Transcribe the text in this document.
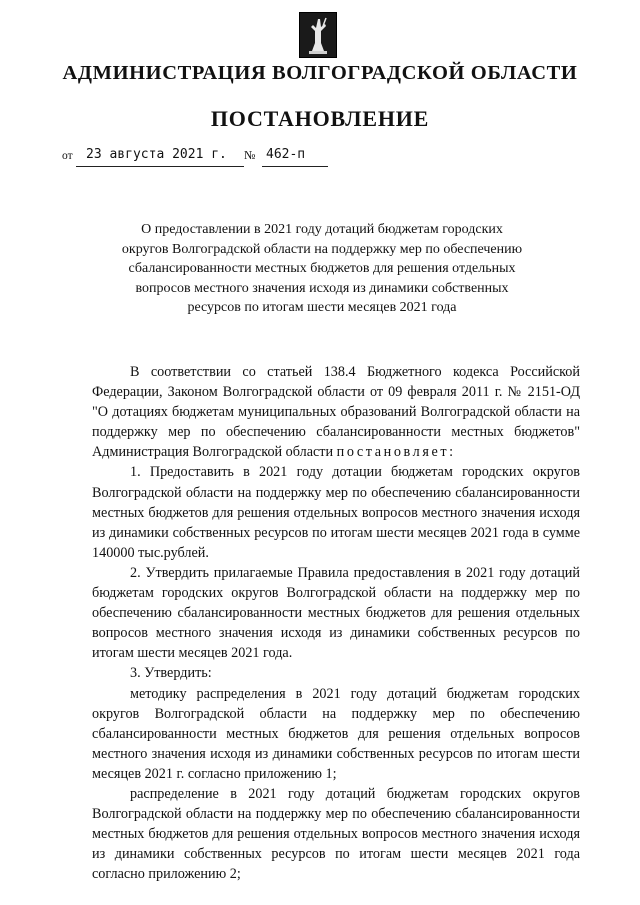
АДМИНИСТРАЦИЯ ВОЛГОГРАДСКОЙ ОБЛАСТИ
ПОСТАНОВЛЕНИЕ
от	23 августа 2021 г.	№ 462-п
О предоставлении в 2021 году дотаций бюджетам городских округов Волгоградской области на поддержку мер по обеспечению сбалансированности местных бюджетов для решения отдельных вопросов местного значения исходя из динамики собственных ресурсов по итогам шести месяцев 2021 года

В соответствии со статьей 138.4 Бюджетного кодекса Российской Федерации, Законом Волгоградской области от 09 февраля 2011 г. № 2151-ОД "О дотациях бюджетам муниципальных образований Волгоградской области на поддержку мер по обеспечению сбалансированности местных бюджетов" Администрация Волгоградской области постановляет:

1. Предоставить в 2021 году дотации бюджетам городских округов Волгоградской области на поддержку мер по обеспечению сбалансированности местных бюджетов для решения отдельных вопросов местного значения исходя из динамики собственных ресурсов по итогам шести месяцев 2021 года в сумме 140000 тыс.рублей.

2. Утвердить прилагаемые Правила предоставления в 2021 году дотаций бюджетам городских округов Волгоградской области на поддержку мер по обеспечению сбалансированности местных бюджетов для решения отдельных вопросов местного значения исходя из динамики собственных ресурсов по итогам шести месяцев 2021 года.

3. Утвердить:

методику распределения в 2021 году дотаций бюджетам городских округов Волгоградской области на поддержку мер по обеспечению сбалансированности местных бюджетов для решения отдельных вопросов местного значения исходя из динамики собственных ресурсов по итогам шести месяцев 2021 г. согласно приложению 1;

распределение в 2021 году дотаций бюджетам городских округов Волгоградской области на поддержку мер по обеспечению сбалансированности местных бюджетов для решения отдельных вопросов местного значения исходя из динамики собственных ресурсов по итогам шести месяцев 2021 года согласно приложению 2;
